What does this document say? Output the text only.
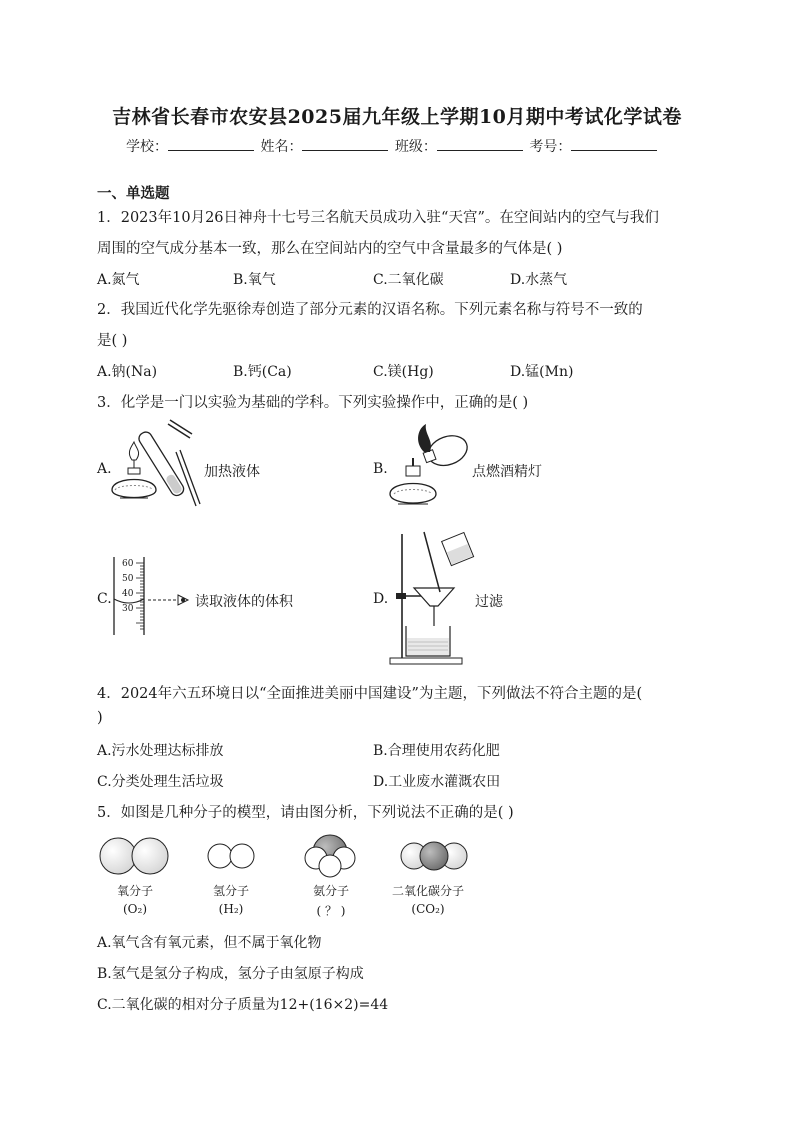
吉林省长春市农安县2025届九年级上学期10月期中考试化学试卷
学校：	姓名：	班级：	考号：
一、单选题
1．2023年10月26日神舟十七号三名航天员成功入驻“天宫”。在空间站内的空气与我们
周围的空气成分基本一致，那么在空间站内的空气中含量最多的气体是( )
A.氮气	B.氧气	C.二氧化碳	D.水蒸气
2．我国近代化学先驱徐寿创造了部分元素的汉语名称。下列元素名称与符号不一致的
是( )
A.钠(Na)	B.钙(Ca)	C.镁(Hg)	D.锰(Mn)
3．化学是一门以实验为基础的学科。下列实验操作中，正确的是( )
A.	加热液体	B.	点燃酒精灯
C.
60
50
40
30	读取液体的体积	D.	过滤
4．2024年六五环境日以“全面推进美丽中国建设”为主题，下列做法不符合主题的是(
)
A.污水处理达标排放	B.合理使用农药化肥
C.分类处理生活垃圾	D.工业废水灌溉农田
5．如图是几种分子的模型，请由图分析，下列说法不正确的是( )
氧分子
(O₂)
氢分子
(H₂)
氨分子
( ？ )
二氧化碳分子
(CO₂)
A.氧气含有氧元素，但不属于氧化物
B.氢气是氢分子构成，氢分子由氢原子构成
C.二氧化碳的相对分子质量为12+(16×2)=44
